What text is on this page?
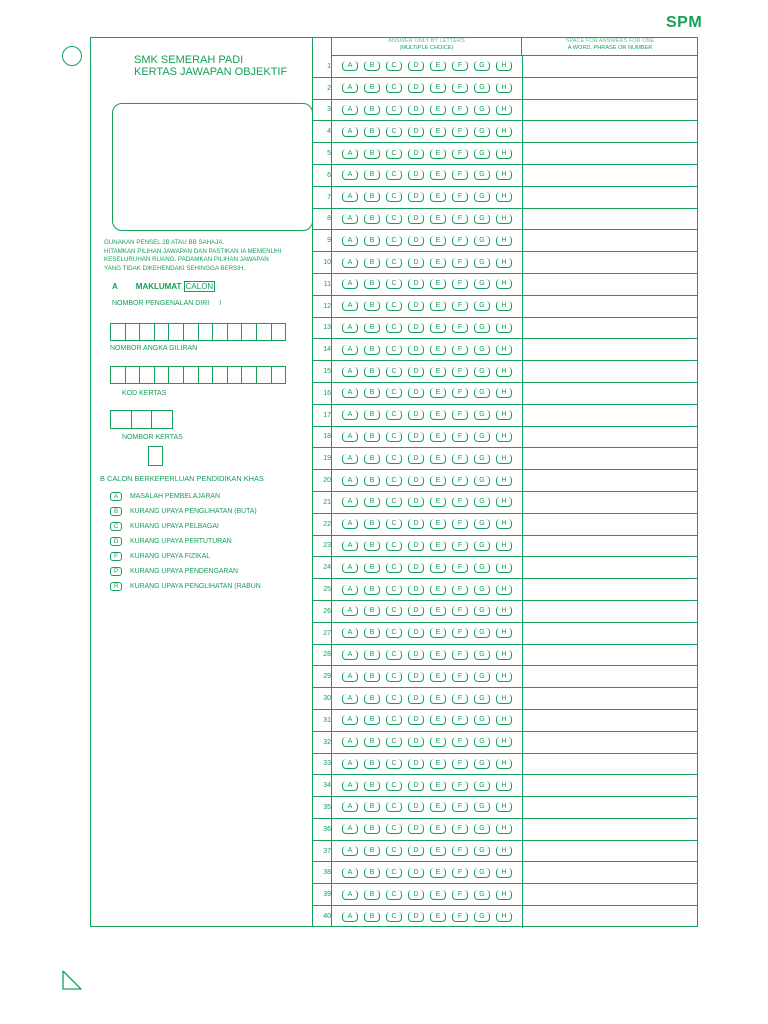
SPM
SMK SEMERAH PADI
KERTAS JAWAPAN OBJEKTIF
GUNAKAN PENSEL 2B ATAU BB SAHAJA.
HITAMKAN PILIHAN JAWAPAN DAN PASTIKAN IA MEMENUHI
KESELURUHAN RUANG. PADAMKAN PILIHAN JAWAPAN
YANG TIDAK DIKEHENDAKI SEHINGGA BERSIH.
A MAKLUMAT CALON
NOMBOR PENGENALAN DIRI I
NOMBOR ANGKA GILIRAN
KOD KERTAS
NOMBOR KERTAS
B CALON BERKEPERLUAN PENDIDIKAN KHAS
A	MASALAH PEMBELAJARAN
B	KURANG UPAYA PENGLIHATAN (BUTA)
C	KURANG UPAYA PELBAGAI
D	KURANG UPAYA PERTUTURAN
F	KURANG UPAYA FIZIKAL
P	KURANG UPAYA PENDENGARAN
R	KURANG UPAYA PENGLIHATAN (RABUN
ANSWER ONLY BY LETTERS
(MULTIPLE CHOICE)
SPACE FOR ANSWERS FOR ONE
A WORD, PHRASE OR NUMBER
1	A	B	C	D	E	F	G	H
2	A	B	C	D	E	F	G	H
3	A	B	C	D	E	F	G	H
4	A	B	C	D	E	F	G	H
5	A	B	C	D	E	F	G	H
6	A	B	C	D	E	F	G	H
7	A	B	C	D	E	F	G	H
8	A	B	C	D	E	F	G	H
9	A	B	C	D	E	F	G	H
10	A	B	C	D	E	F	G	H
11	A	B	C	D	E	F	G	H
12	A	B	C	D	E	F	G	H
13	A	B	C	D	E	F	G	H
14	A	B	C	D	E	F	G	H
15	A	B	C	D	E	F	G	H
16	A	B	C	D	E	F	G	H
17	A	B	C	D	E	F	G	H
18	A	B	C	D	E	F	G	H
19	A	B	C	D	E	F	G	H
20	A	B	C	D	E	F	G	H
21	A	B	C	D	E	F	G	H
22	A	B	C	D	E	F	G	H
23	A	B	C	D	E	F	G	H
24	A	B	C	D	E	F	G	H
25	A	B	C	D	E	F	G	H
26	A	B	C	D	E	F	G	H
27	A	B	C	D	E	F	G	H
28	A	B	C	D	E	F	G	H
29	A	B	C	D	E	F	G	H
30	A	B	C	D	E	F	G	H
31	A	B	C	D	E	F	G	H
32	A	B	C	D	E	F	G	H
33	A	B	C	D	E	F	G	H
34	A	B	C	D	E	F	G	H
35	A	B	C	D	E	F	G	H
36	A	B	C	D	E	F	G	H
37	A	B	C	D	E	F	G	H
38	A	B	C	D	E	F	G	H
39	A	B	C	D	E	F	G	H
40	A	B	C	D	E	F	G	H
